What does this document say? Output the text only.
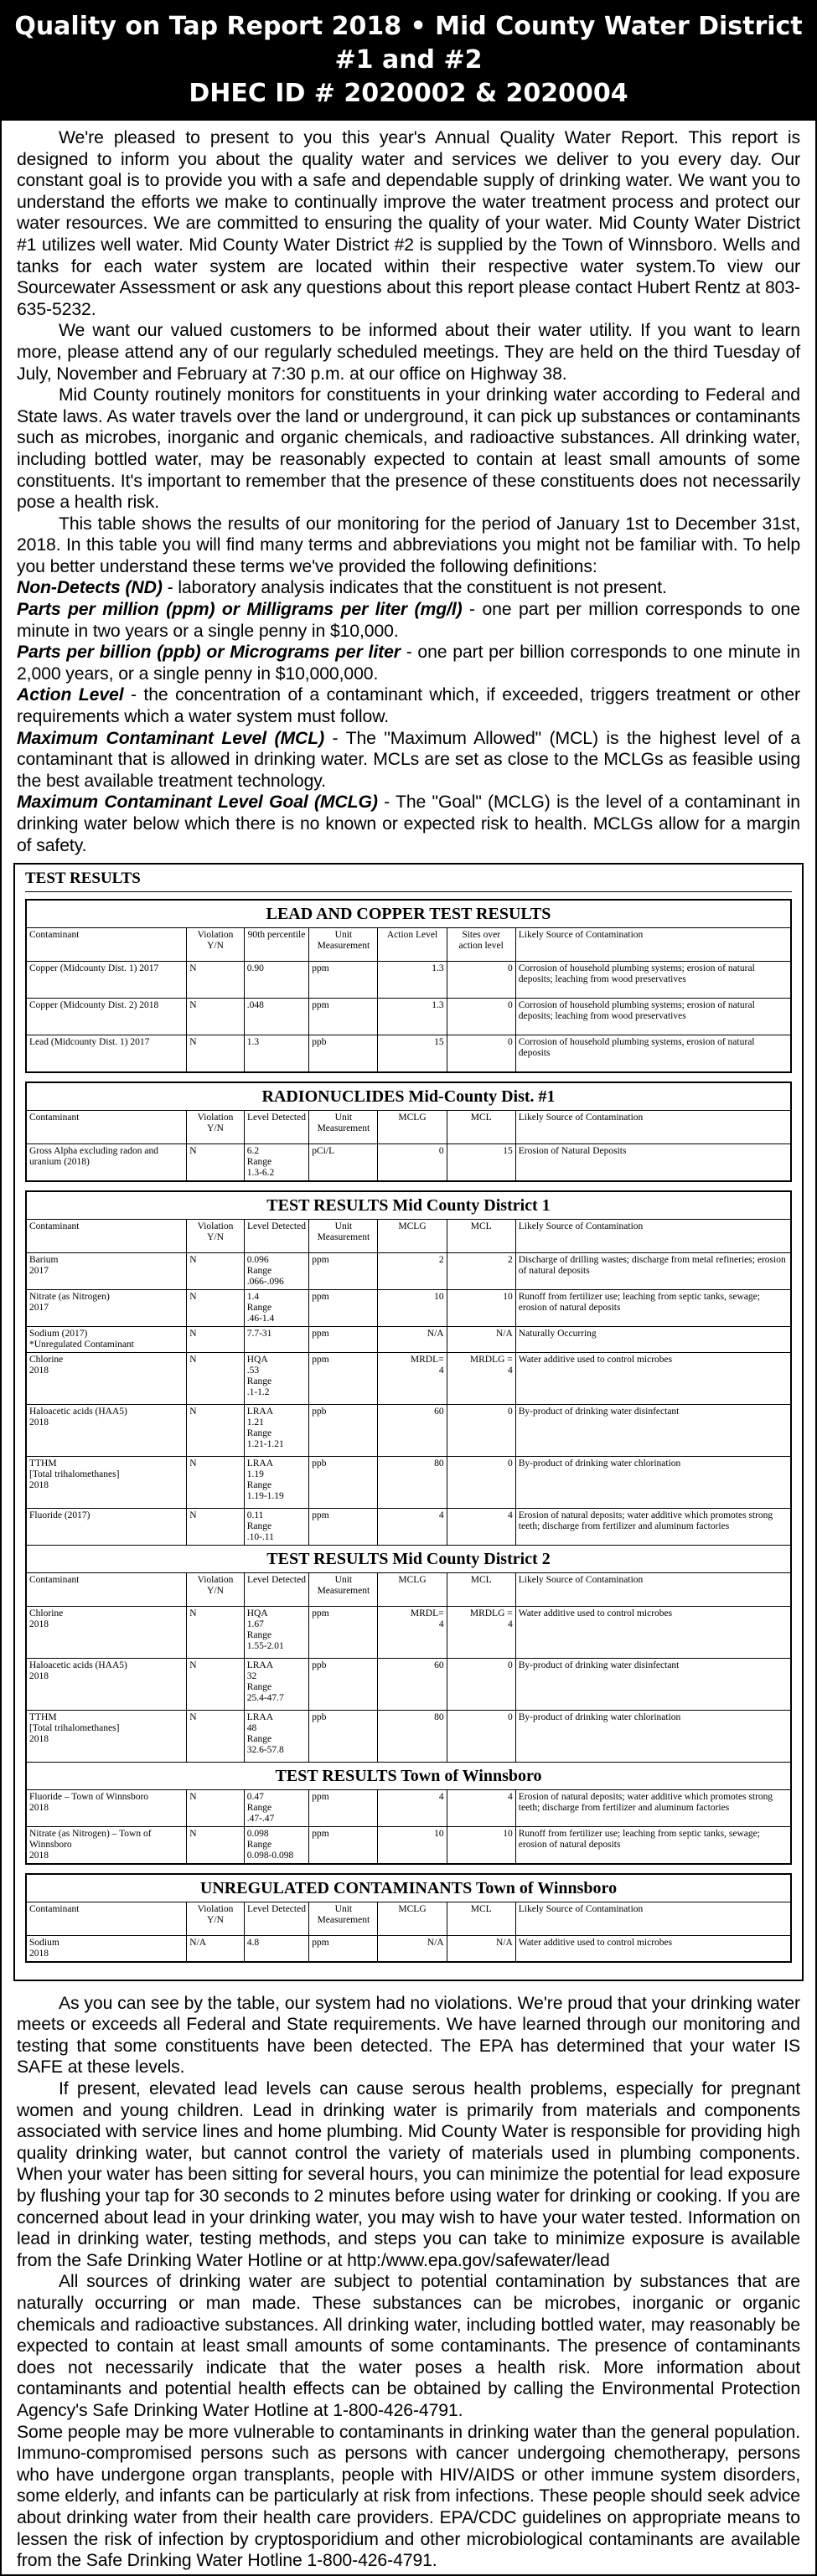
Quality on Tap Report 2018 • Mid County Water District #1 and #2
DHEC ID # 2020002 & 2020004

We're pleased to present to you this year's Annual Quality Water Report. This report is designed to inform you about the quality water and services we deliver to you every day. Our constant goal is to provide you with a safe and dependable supply of drinking water. We want you to understand the efforts we make to continually improve the water treatment process and protect our water resources. We are committed to ensuring the quality of your water. Mid County Water District #1 utilizes well water. Mid County Water District #2 is supplied by the Town of Winnsboro. Wells and tanks for each water system are located within their respective water system.To view our Sourcewater Assessment or ask any questions about this report please contact Hubert Rentz at 803-635-5232.

We want our valued customers to be informed about their water utility. If you want to learn more, please attend any of our regularly scheduled meetings. They are held on the third Tuesday of July, November and February at 7:30 p.m. at our office on Highway 38.

Mid County routinely monitors for constituents in your drinking water according to Federal and State laws. As water travels over the land or underground, it can pick up substances or contaminants such as microbes, inorganic and organic chemicals, and radioactive substances. All drinking water, including bottled water, may be reasonably expected to contain at least small amounts of some constituents. It's important to remember that the presence of these constituents does not necessarily pose a health risk.

This table shows the results of our monitoring for the period of January 1st to December 31st, 2018. In this table you will find many terms and abbreviations you might not be familiar with. To help you better understand these terms we've provided the following definitions:

Non-Detects (ND) - laboratory analysis indicates that the constituent is not present.

Parts per million (ppm) or Milligrams per liter (mg/l) - one part per million corresponds to one minute in two years or a single penny in $10,000.

Parts per billion (ppb) or Micrograms per liter - one part per billion corresponds to one minute in 2,000 years, or a single penny in $10,000,000.

Action Level - the concentration of a contaminant which, if exceeded, triggers treatment or other requirements which a water system must follow.

Maximum Contaminant Level (MCL) - The "Maximum Allowed" (MCL) is the highest level of a contaminant that is allowed in drinking water. MCLs are set as close to the MCLGs as feasible using the best available treatment technology.

Maximum Contaminant Level Goal (MCLG) - The "Goal" (MCLG) is the level of a contaminant in drinking water below which there is no known or expected risk to health. MCLGs allow for a margin of safety.

TEST RESULTS
LEAD AND COPPER TEST RESULTS						
Contaminant	Violation Y/N	90th percentile	Unit Measurement	Action Level	Sites over action level	Likely Source of Contamination
Copper (Midcounty Dist. 1) 2017	N	0.90	ppm	1.3	0	Corrosion of household plumbing systems; erosion of natural deposits; leaching from wood preservatives
Copper (Midcounty Dist. 2) 2018	N	.048	ppm	1.3	0	Corrosion of household plumbing systems; erosion of natural deposits; leaching from wood preservatives
Lead (Midcounty Dist. 1) 2017	N	1.3	ppb	15	0	Corrosion of household plumbing systems, erosion of natural deposits
RADIONUCLIDES Mid-County Dist. #1						
Contaminant	Violation Y/N	Level Detected	Unit Measurement	MCLG	MCL	Likely Source of Contamination
Gross Alpha excluding radon and uranium (2018)	N	6.2
Range
1.3-6.2	pCi/L	0	15	Erosion of Natural Deposits
TEST RESULTS Mid County District 1						
Contaminant	Violation Y/N	Level Detected	Unit Measurement	MCLG	MCL	Likely Source of Contamination
Barium
2017	N	0.096
Range
.066-.096	ppm	2	2	Discharge of drilling wastes; discharge from metal refineries; erosion of natural deposits
Nitrate (as Nitrogen)
2017	N	1.4
Range
.46-1.4	ppm	10	10	Runoff from fertilizer use; leaching from septic tanks, sewage; erosion of natural deposits
Sodium (2017)
*Unregulated Contaminant	N	7.7-31	ppm	N/A	N/A	Naturally Occurring
Chlorine
2018	N	HQA
.53
Range
.1-1.2	ppm	MRDL=
4	MRDLG =
4	Water additive used to control microbes
Haloacetic acids (HAA5)
2018	N	LRAA
1.21
Range
1.21-1.21	ppb	60	0	By-product of drinking water disinfectant
TTHM
[Total trihalomethanes]
2018	N	LRAA
1.19
Range
1.19-1.19	ppb	80	0	By-product of drinking water chlorination
Fluoride (2017)	N	0.11
Range
.10-.11	ppm	4	4	Erosion of natural deposits; water additive which promotes strong teeth; discharge from fertilizer and aluminum factories
TEST RESULTS Mid County District 2						
Contaminant	Violation Y/N	Level Detected	Unit Measurement	MCLG	MCL	Likely Source of Contamination
Chlorine
2018	N	HQA
1.67
Range
1.55-2.01	ppm	MRDL=
4	MRDLG =
4	Water additive used to control microbes
Haloacetic acids (HAA5)
2018	N	LRAA
32
Range
25.4-47.7	ppb	60	0	By-product of drinking water disinfectant
TTHM
[Total trihalomethanes]
2018	N	LRAA
48
Range
32.6-57.8	ppb	80	0	By-product of drinking water chlorination
TEST RESULTS Town of Winnsboro						
Fluoride – Town of Winnsboro
2018	N	0.47
Range
.47-.47	ppm	4	4	Erosion of natural deposits; water additive which promotes strong teeth; discharge from fertilizer and aluminum factories
Nitrate (as Nitrogen) – Town of Winnsboro
2018	N	0.098
Range
0.098-0.098	ppm	10	10	Runoff from fertilizer use; leaching from septic tanks, sewage; erosion of natural deposits
UNREGULATED CONTAMINANTS Town of Winnsboro						
Contaminant	Violation Y/N	Level Detected	Unit Measurement	MCLG	MCL	Likely Source of Contamination
Sodium
2018	N/A	4.8	ppm	N/A	N/A	Water additive used to control microbes

As you can see by the table, our system had no violations. We're proud that your drinking water meets or exceeds all Federal and State requirements. We have learned through our monitoring and testing that some constituents have been detected. The EPA has determined that your water IS SAFE at these levels.

If present, elevated lead levels can cause serous health problems, especially for pregnant women and young children. Lead in drinking water is primarily from materials and components associated with service lines and home plumbing. Mid County Water is responsible for providing high quality drinking water, but cannot control the variety of materials used in plumbing components. When your water has been sitting for several hours, you can minimize the potential for lead exposure by flushing your tap for 30 seconds to 2 minutes before using water for drinking or cooking. If you are concerned about lead in your drinking water, you may wish to have your water tested. Information on lead in drinking water, testing methods, and steps you can take to minimize exposure is available from the Safe Drinking Water Hotline or at http:/www.epa.gov/safewater/lead

All sources of drinking water are subject to potential contamination by substances that are naturally occurring or man made. These substances can be microbes, inorganic or organic chemicals and radioactive substances. All drinking water, including bottled water, may reasonably be expected to contain at least small amounts of some contaminants. The presence of contaminants does not necessarily indicate that the water poses a health risk. More information about contaminants and potential health effects can be obtained by calling the Environmental Protection Agency's Safe Drinking Water Hotline at 1-800-426-4791.

Some people may be more vulnerable to contaminants in drinking water than the general population. Immuno-compromised persons such as persons with cancer undergoing chemotherapy, persons who have undergone organ transplants, people with HIV/AIDS or other immune system disorders, some elderly, and infants can be particularly at risk from infections. These people should seek advice about drinking water from their health care providers. EPA/CDC guidelines on appropriate means to lessen the risk of infection by cryptosporidium and other microbiological contaminants are available from the Safe Drinking Water Hotline 1-800-426-4791.
